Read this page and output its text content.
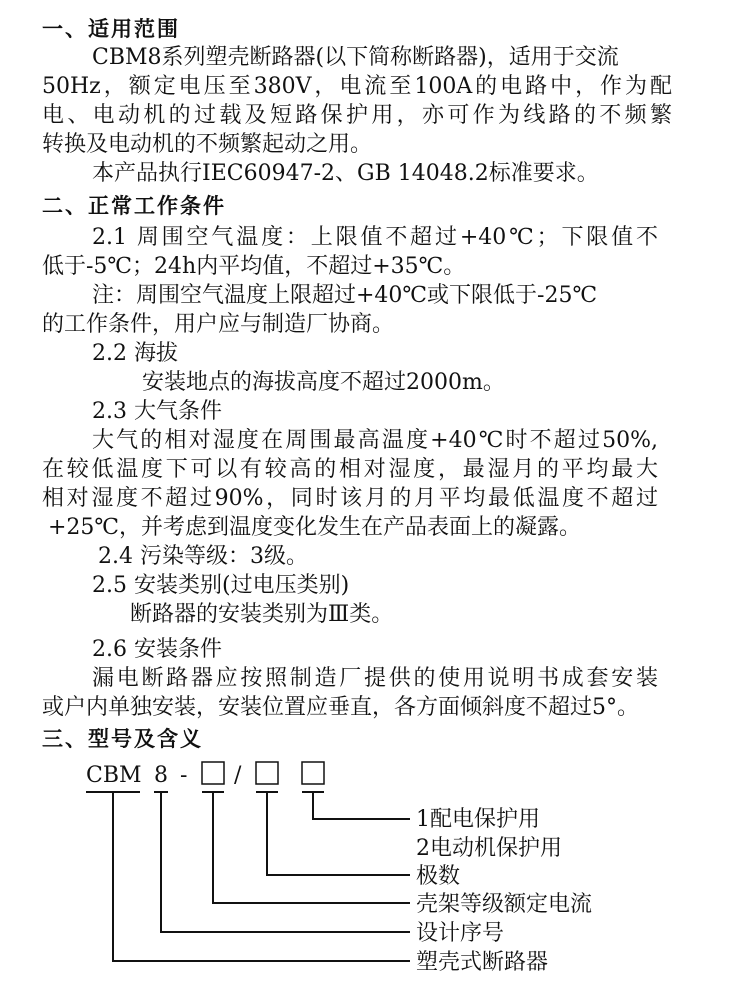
一、适用范围
CBM8系列塑壳断路器(以下简称断路器)，适用于交流
50Hz，额定电压至380V，电流至100A的电路中，作为配
电、电动机的过载及短路保护用，亦可作为线路的不频繁
转换及电动机的不频繁起动之用。
本产品执行IEC60947-2、GB 14048.2标准要求。
二、正常工作条件
2.1 周围空气温度：上限值不超过+40℃；下限值不
低于-5℃；24h内平均值，不超过+35℃。
注：周围空气温度上限超过+40℃或下限低于-25℃
的工作条件，用户应与制造厂协商。
2.2 海拔
安装地点的海拔高度不超过2000m。
2.3 大气条件
大气的相对湿度在周围最高温度+40℃时不超过50%,
在较低温度下可以有较高的相对湿度，最湿月的平均最大
相对湿度不超过90%，同时该月的月平均最低温度不超过
+25℃，并考虑到温度变化发生在产品表面上的凝露。
2.4 污染等级：3级。
2.5 安装类别(过电压类别)
断路器的安装类别为Ⅲ类。
2.6 安装条件
漏电断路器应按照制造厂提供的使用说明书成套安装
或户内单独安装，安装位置应垂直，各方面倾斜度不超过5°。
三、型号及含义
CBM 8 - /
1配电保护用
2电动机保护用
极数
壳架等级额定电流
设计序号
塑壳式断路器
